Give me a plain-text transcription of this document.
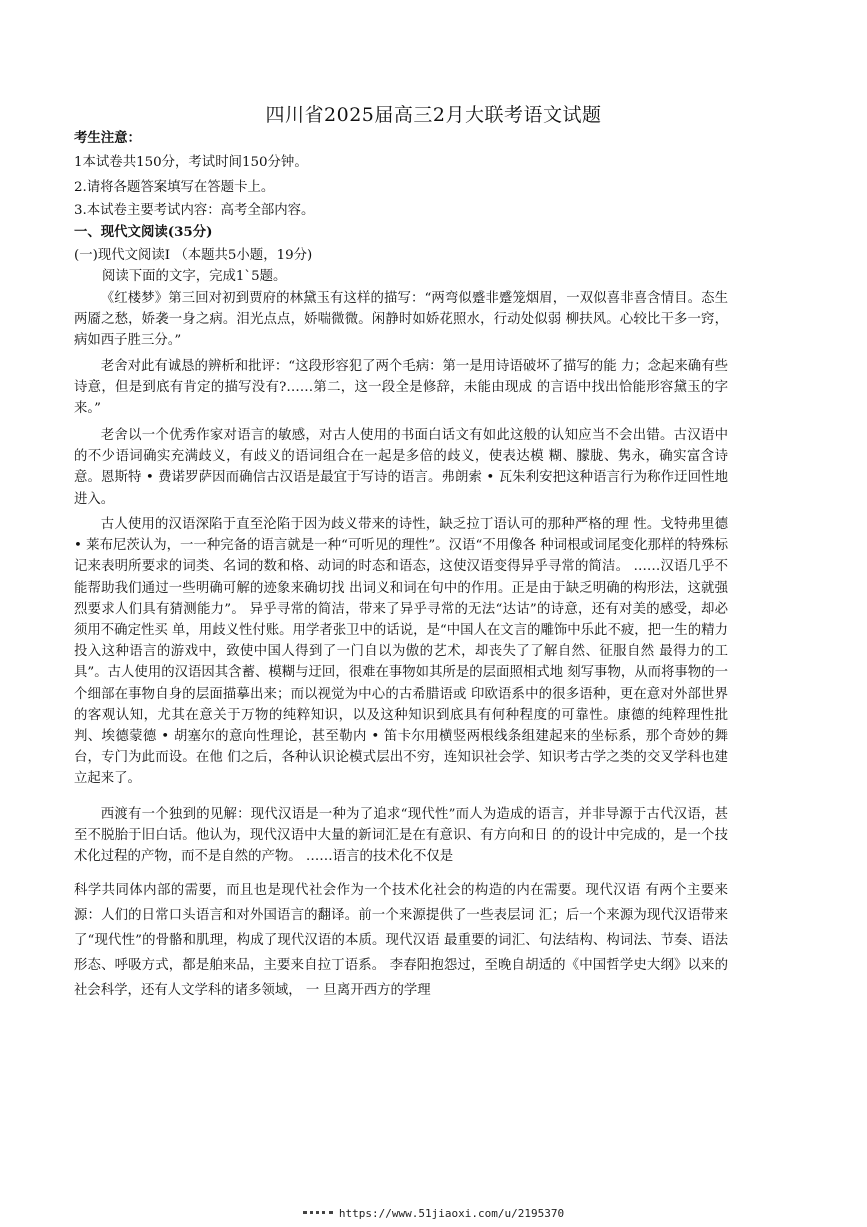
四川省2025届高三2月大联考语文试题
考生注意：
1本试卷共150分，考试时间150分钟。
2.请将各题答案填写在答题卡上。
3.本试卷主要考试内容：高考全部内容。
一、现代文阅读(35分)
(一)现代文阅读I （本题共5小题，19分)
阅读下面的文字，完成1`5题。
《红楼梦》第三回对初到贾府的林黛玉有这样的描写：“两弯似蹙非蹙笼烟眉，一双似喜非喜含情目。态生两靥之愁，娇袭一身之病。泪光点点，娇喘微微。闲静时如娇花照水，行动处似弱 柳扶风。心较比干多一窍，病如西子胜三分。”
老舍对此有诚恳的辨析和批评：“这段形容犯了两个毛病：第一是用诗语破坏了描写的能 力；念起来确有些诗意，但是到底有肯定的描写没有?……第二，这一段全是修辞，未能由现成 的言语中找出恰能形容黛玉的字来。”
老舍以一个优秀作家对语言的敏感，对古人使用的书面白话文有如此这般的认知应当不会出错。古汉语中的不少语词确实充满歧义，有歧义的语词组合在一起是多倍的歧义，使表达模 糊、朦胧、隽永，确实富含诗意。恩斯特 • 费诺罗萨因而确信古汉语是最宜于写诗的语言。弗朗索 • 瓦朱利安把这种语言行为称作迂回性地进入。
古人使用的汉语深陷于直至沦陷于因为歧义带来的诗性，缺乏拉丁语认可的那种严格的理 性。戈特弗里德 • 莱布尼茨认为，一一种完备的语言就是一种“可听见的理性”。汉语“不用像各 种词根或词尾变化那样的特殊标记来表明所要求的词类、名词的数和格、动词的时态和语态，这使汉语变得异乎寻常的简洁。 ……汉语几乎不能帮助我们通过一些明确可解的迹象来确切找 出词义和词在句中的作用。正是由于缺乏明确的构形法，这就强烈要求人们具有猜测能力”。 异乎寻常的简洁，带来了异乎寻常的无法“达诂”的诗意，还有对美的感受，却必须用不确定性买 单，用歧义性付账。用学者张卫中的话说，是“中国人在文言的雕饰中乐此不疲，把一生的精力 投入这种语言的游戏中，致使中国人得到了一门自以为傲的艺术，却丧失了了解自然、征服自然 最得力的工具”。古人使用的汉语因其含蓄、模糊与迂回，很难在事物如其所是的层面照相式地 刻写事物，从而将事物的一个细部在事物自身的层面描摹出来；而以视觉为中心的古希腊语或 印欧语系中的很多语种，更在意对外部世界的客观认知，尤其在意关于万物的纯粹知识，以及这种知识到底具有何种程度的可靠性。康德的纯粹理性批判、埃德蒙德 • 胡塞尔的意向性理论，甚至勒内 • 笛卡尔用横竖两根线条组建起来的坐标系，那个奇妙的舞台，专门为此而设。在他 们之后，各种认识论模式层出不穷，连知识社会学、知识考古学之类的交叉学科也建立起来了。
西渡有一个独到的见解：现代汉语是一种为了追求“现代性”而人为造成的语言，并非导源于古代汉语，甚至不脱胎于旧白话。他认为，现代汉语中大量的新词汇是在有意识、有方向和日 的的设计中完成的，是一个技术化过程的产物，而不是自然的产物。 ……语言的技术化不仅是
科学共同体内部的需要，而且也是现代社会作为一个技术化社会的构造的内在需要。现代汉语 有两个主要来源：人们的日常口头语言和对外国语言的翻译。前一个来源提供了一些表层词 汇；后一个来源为现代汉语带来了“现代性”的骨骼和肌理，构成了现代汉语的本质。现代汉语 最重要的词汇、句法结构、构词法、节奏、语法形态、呼吸方式，都是舶来品，主要来自拉丁语系。 李春阳抱怨过，至晚自胡适的《中国哲学史大纲》以来的社会科学，还有人文学科的诸多领域， 一 旦离开西方的学理
https://www.51jiaoxi.com/u/2195370
